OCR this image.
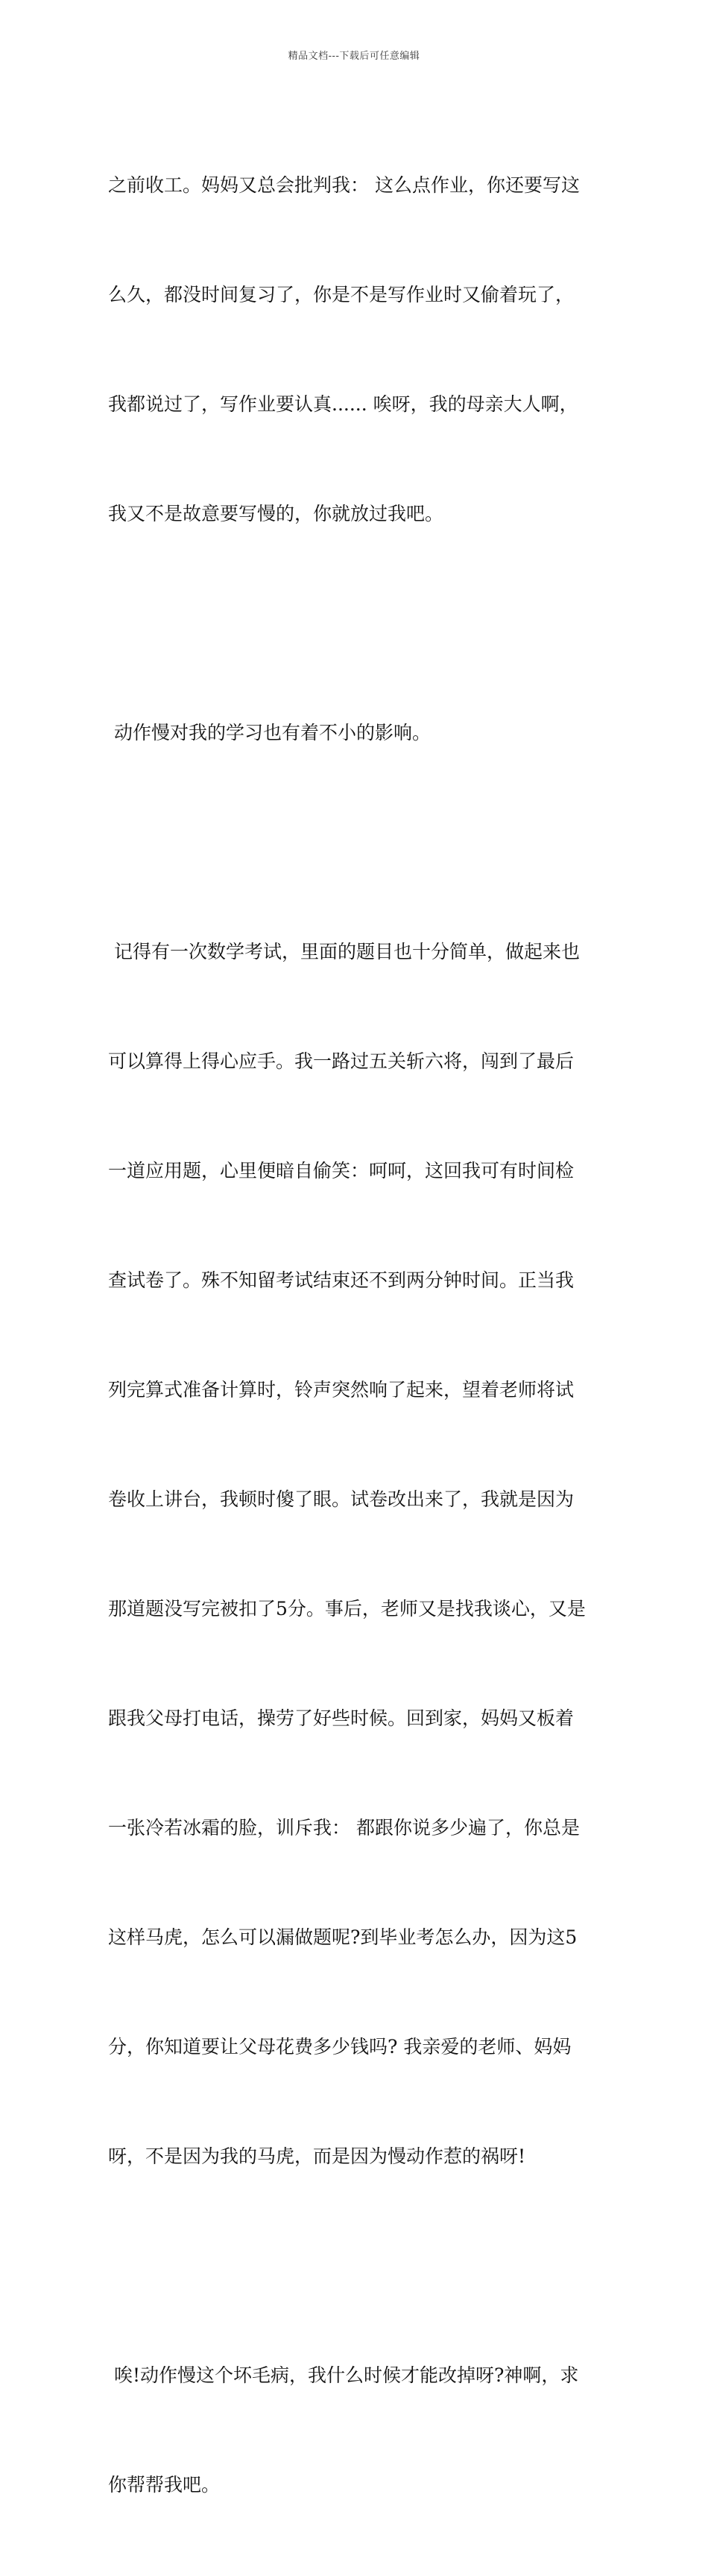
精品文档---下载后可任意编辑

之前收工。妈妈又总会批判我： 这么点作业，你还要写这

么久，都没时间复习了，你是不是写作业时又偷着玩了，

我都说过了，写作业要认真...... 唉呀，我的母亲大人啊，

我又不是故意要写慢的，你就放过我吧。

动作慢对我的学习也有着不小的影响。

记得有一次数学考试，里面的题目也十分简单，做起来也

可以算得上得心应手。我一路过五关斩六将，闯到了最后

一道应用题，心里便暗自偷笑：呵呵，这回我可有时间检

查试卷了。殊不知留考试结束还不到两分钟时间。正当我

列完算式准备计算时，铃声突然响了起来，望着老师将试

卷收上讲台，我顿时傻了眼。试卷改出来了，我就是因为

那道题没写完被扣了5分。事后，老师又是找我谈心，又是

跟我父母打电话，操劳了好些时候。回到家，妈妈又板着

一张冷若冰霜的脸，训斥我： 都跟你说多少遍了，你总是

这样马虎，怎么可以漏做题呢?到毕业考怎么办，因为这5

分，你知道要让父母花费多少钱吗? 我亲爱的老师、妈妈

呀，不是因为我的马虎，而是因为慢动作惹的祸呀!

唉!动作慢这个坏毛病，我什么时候才能改掉呀?神啊，求

你帮帮我吧。
